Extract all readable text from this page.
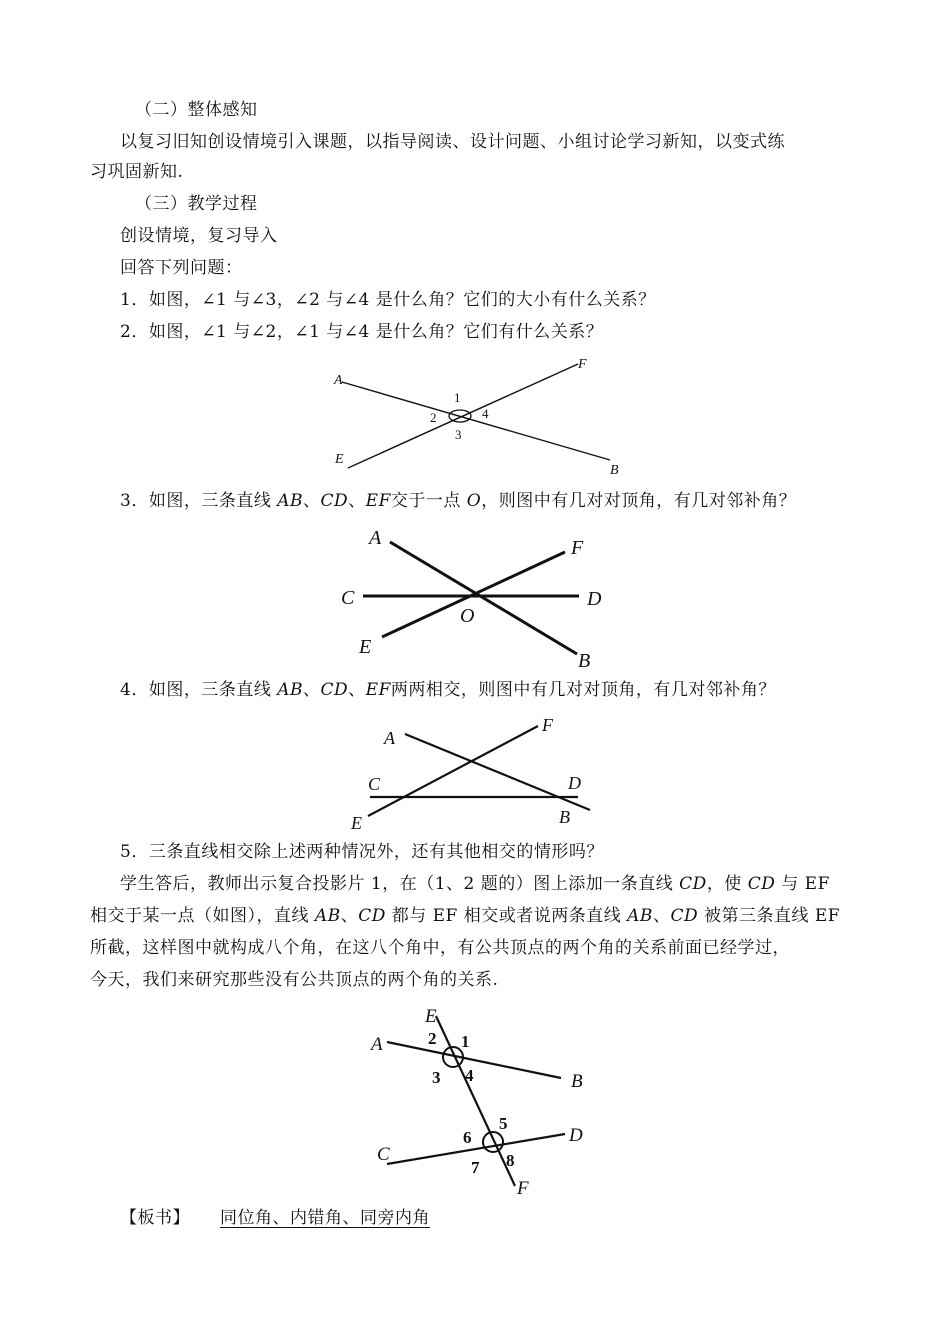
（二）整体感知
以复习旧知创设情境引入课题，以指导阅读、设计问题、小组讨论学习新知，以变式练
习巩固新知.
（三）教学过程
创设情境，复习导入
回答下列问题：
1．如图，∠1 与∠3，∠2 与∠4 是什么角？它们的大小有什么关系？
2．如图，∠1 与∠2，∠1 与∠4 是什么角？它们有什么关系？
A
B
E
F
1
2
3
4
3．如图，三条直线 AB、CD、EF交于一点 O，则图中有几对对顶角，有几对邻补角？
A
B
C	D
E
F
O
4．如图，三条直线 AB、CD、EF两两相交，则图中有几对对顶角，有几对邻补角？
A
B
C	D
E
F
5．三条直线相交除上述两种情况外，还有其他相交的情形吗？
学生答后，教师出示复合投影片 1，在（1、2 题的）图上添加一条直线 CD，使 CD 与 EF
相交于某一点（如图），直线 AB、CD 都与 EF 相交或者说两条直线 AB、CD 被第三条直线 EF
所截，这样图中就构成八个角，在这八个角中，有公共顶点的两个角的关系前面已经学过，
今天，我们来研究那些没有公共顶点的两个角的关系.
A
B
C
D
E
F
1
2
3 4
5
6
7 8
【板书】 同位角、内错角、同旁内角
